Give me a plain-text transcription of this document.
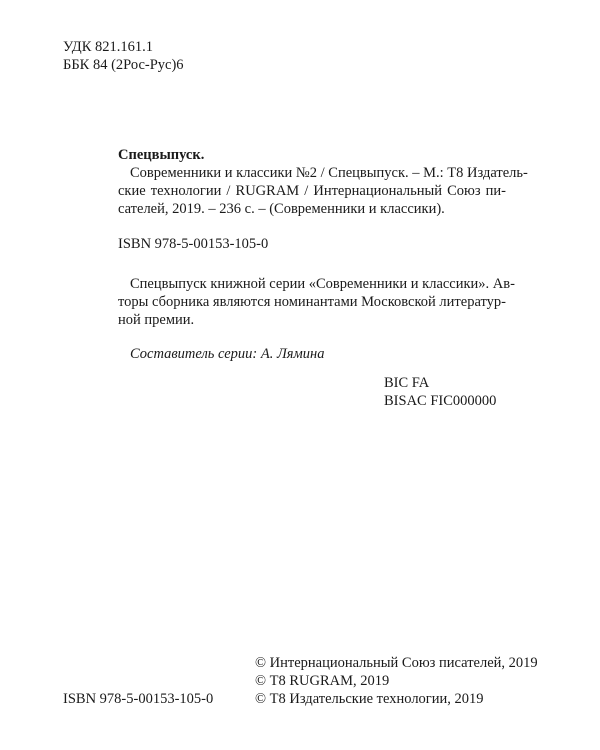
УДК 821.161.1
ББК 84 (2Рос-Рус)6
Спецвыпуск.
Современники и классики №2 / Спецвыпуск. – М.: Т8 Издатель-
ские технологии / RUGRAM / Интернациональный Союз пи-
сателей, 2019. – 236 с. – (Современники и классики).
ISBN 978-5-00153-105-0
Спецвыпуск книжной серии «Современники и классики». Ав-
торы сборника являются номинантами Московской литератур-
ной премии.
Составитель серии: А. Лямина
BIC FA
BISAC FIC000000
© Интернациональный Союз писателей, 2019
© Т8 RUGRAM, 2019
© Т8 Издательские технологии, 2019
ISBN 978-5-00153-105-0
